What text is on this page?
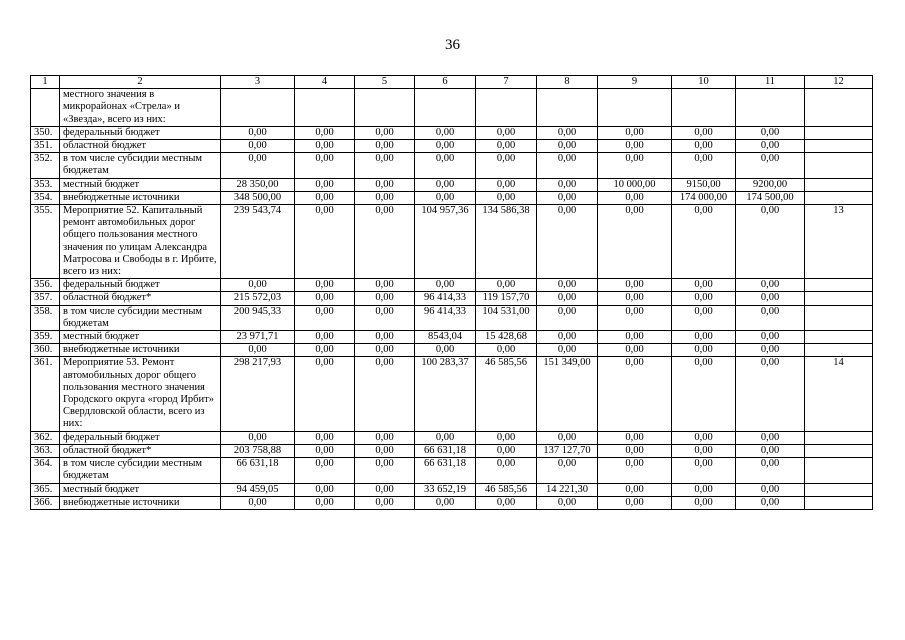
36
1	2	3	4	5	6	7	8	9	10	11	12
	местного значения в микрорайонах «Стрела» и «Звезда», всего из них:										
350.	федеральный бюджет	0,00	0,00	0,00	0,00	0,00	0,00	0,00	0,00	0,00	
351.	областной бюджет	0,00	0,00	0,00	0,00	0,00	0,00	0,00	0,00	0,00	
352.	в том числе субсидии местным бюджетам	0,00	0,00	0,00	0,00	0,00	0,00	0,00	0,00	0,00	
353.	местный бюджет	28 350,00	0,00	0,00	0,00	0,00	0,00	10 000,00	9150,00	9200,00	
354.	внебюджетные источники	348 500,00	0,00	0,00	0,00	0,00	0,00	0,00	174 000,00	174 500,00	
355.	Мероприятие 52. Капитальный ремонт автомобильных дорог общего пользования местного значения по улицам Александра Матросова и Свободы в г. Ирбите, всего из них:	239 543,74	0,00	0,00	104 957,36	134 586,38	0,00	0,00	0,00	0,00	13
356.	федеральный бюджет	0,00	0,00	0,00	0,00	0,00	0,00	0,00	0,00	0,00	
357.	областной бюджет*	215 572,03	0,00	0,00	96 414,33	119 157,70	0,00	0,00	0,00	0,00	
358.	в том числе субсидии местным бюджетам	200 945,33	0,00	0,00	96 414,33	104 531,00	0,00	0,00	0,00	0,00	
359.	местный бюджет	23 971,71	0,00	0,00	8543,04	15 428,68	0,00	0,00	0,00	0,00	
360.	внебюджетные источники	0,00	0,00	0,00	0,00	0,00	0,00	0,00	0,00	0,00	
361.	Мероприятие 53. Ремонт автомобильных дорог общего пользования местного значения Городского округа «город Ирбит» Свердловской области, всего из них:	298 217,93	0,00	0,00	100 283,37	46 585,56	151 349,00	0,00	0,00	0,00	14
362.	федеральный бюджет	0,00	0,00	0,00	0,00	0,00	0,00	0,00	0,00	0,00	
363.	областной бюджет*	203 758,88	0,00	0,00	66 631,18	0,00	137 127,70	0,00	0,00	0,00	
364.	в том числе субсидии местным бюджетам	66 631,18	0,00	0,00	66 631,18	0,00	0,00	0,00	0,00	0,00	
365.	местный бюджет	94 459,05	0,00	0,00	33 652,19	46 585,56	14 221,30	0,00	0,00	0,00	
366.	внебюджетные источники	0,00	0,00	0,00	0,00	0,00	0,00	0,00	0,00	0,00	
